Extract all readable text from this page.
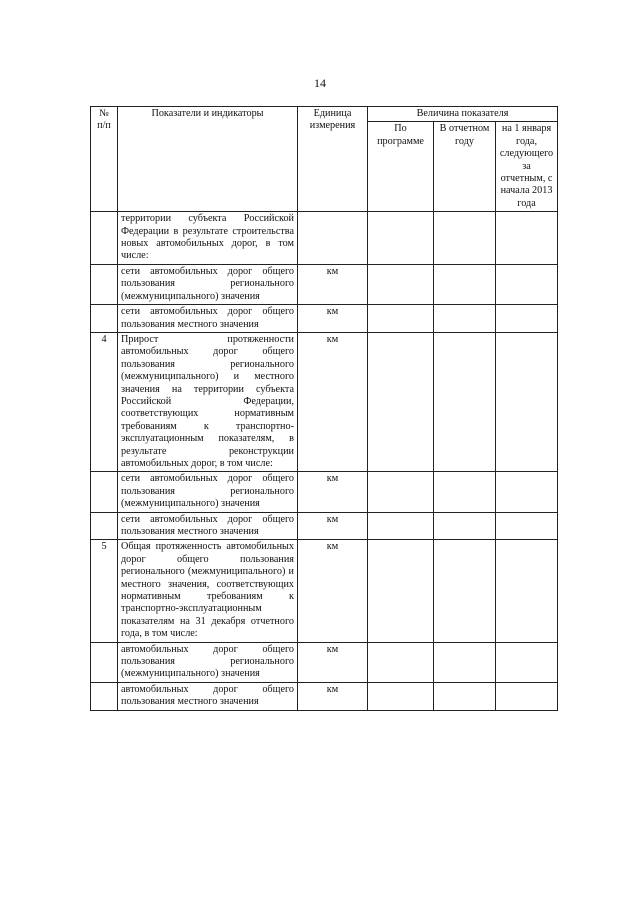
14
№ п/п	Показатели и индикаторы	Единица измерения	Величина показателя		
			По программе	В отчетном году	на 1 января года, следующего за отчетным, с начала 2013 года
	территории субъекта Российской Федерации в результате строительства новых автомобильных дорог, в том числе:				
	сети автомобильных дорог общего пользования регионального (межмуниципального) значения	км			
	сети автомобильных дорог общего пользования местного значения	км			
4	Прирост протяженности автомобильных дорог общего пользования регионального (межмуниципального) и местного значения на территории субъекта Российской Федерации, соответствующих нормативным требованиям к транспортно-эксплуатационным показателям, в результате реконструкции автомобильных дорог, в том числе:	км			
	сети автомобильных дорог общего пользования регионального (межмуниципального) значения	км			
	сети автомобильных дорог общего пользования местного значения	км			
5	Общая протяженность автомобильных дорог общего пользования регионального (межмуниципального) и местного значения, соответствующих нормативным требованиям к транспортно-эксплуатационным показателям на 31 декабря отчетного года, в том числе:	км			
	автомобильных дорог общего пользования регионального (межмуниципального) значения	км			
	автомобильных дорог общего пользования местного значения	км			
